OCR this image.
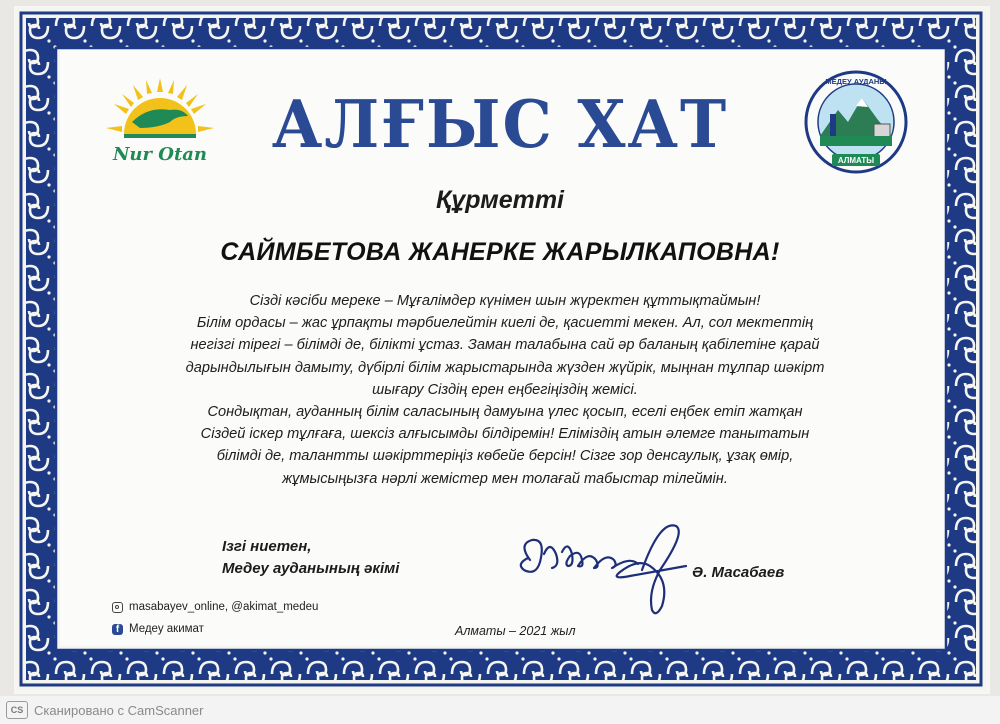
Nur Otan
МЕДЕУ АУДАНЫ
АЛМАТЫ
АЛҒЫС ХАТ
Құрметті
САЙМБЕТОВА ЖАНЕРКЕ ЖАРЫЛКАПОВНА!

Сізді кәсіби мереке – Мұғалімдер күнімен шын жүректен құттықтаймын!

Білім ордасы – жас ұрпақты тәрбиелейтін киелі де, қасиетті мекен. Ал, сол мектептің

негізгі тірегі – білімді де, білікті ұстаз. Заман талабына сай әр баланың қабілетіне қарай

дарындылығын дамыту, дүбірлі білім жарыстарында жүзден жүйрік, мыңнан тұлпар шәкірт

шығару Сіздің ерен еңбегіңіздің жемісі.

Сондықтан, ауданның білім саласының дамуына үлес қосып, еселі еңбек етіп жатқан

Сіздей іскер тұлғаға, шексіз алғысымды білдіремін! Еліміздің атын әлемге танытатын

білімді де, талантты шәкірттеріңіз көбейе берсін! Сізге зор денсаулық, ұзақ өмір,

жұмысыңызға нәрлі жемістер мен толағай табыстар тілеймін.

Ізгі ниетен,
Медеу ауданының әкімі	Ә. Масабаев
masabayev_online, @akimat_medeu
f Медеу акимат	Алматы – 2021 жыл
CS Сканировано с CamScanner
